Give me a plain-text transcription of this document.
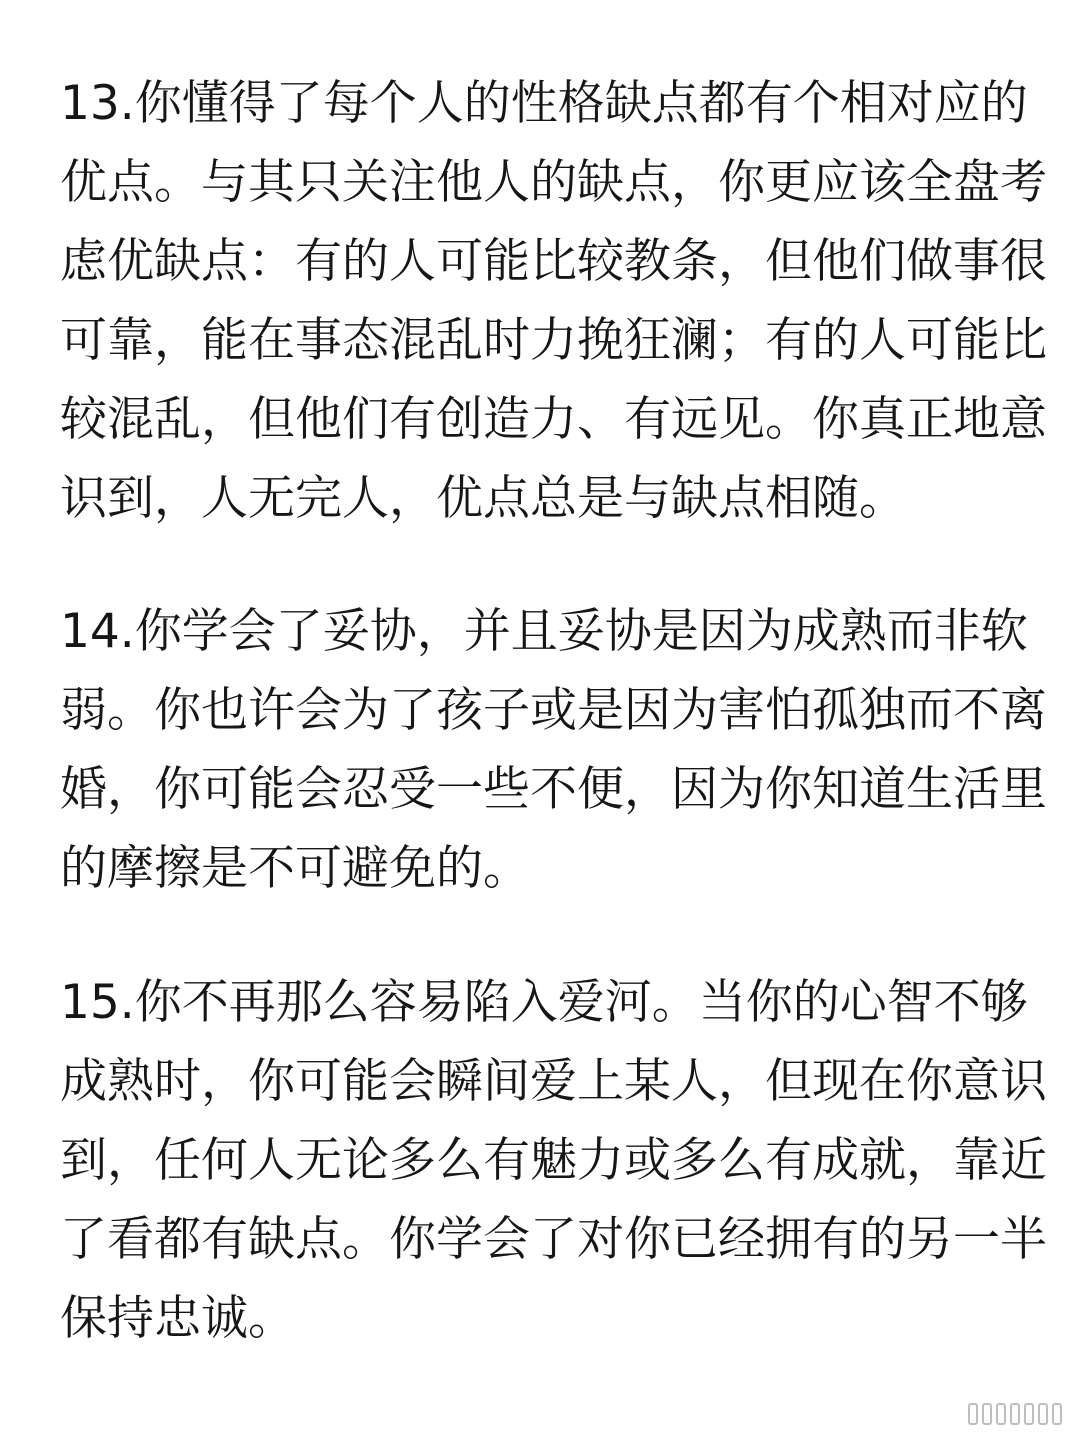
13.你懂得了每个人的性格缺点都有个相对应的
优点。与其只关注他人的缺点，你更应该全盘考
虑优缺点：有的人可能比较教条，但他们做事很
可靠，能在事态混乱时力挽狂澜；有的人可能比
较混乱，但他们有创造力、有远见。你真正地意
识到，人无完人，优点总是与缺点相随。

14.你学会了妥协，并且妥协是因为成熟而非软
弱。你也许会为了孩子或是因为害怕孤独而不离
婚，你可能会忍受一些不便，因为你知道生活里
的摩擦是不可避免的。

15.你不再那么容易陷入爱河。当你的心智不够
成熟时，你可能会瞬间爱上某人，但现在你意识
到，任何人无论多么有魅力或多么有成就，靠近
了看都有缺点。你学会了对你已经拥有的另一半
保持忠诚。
